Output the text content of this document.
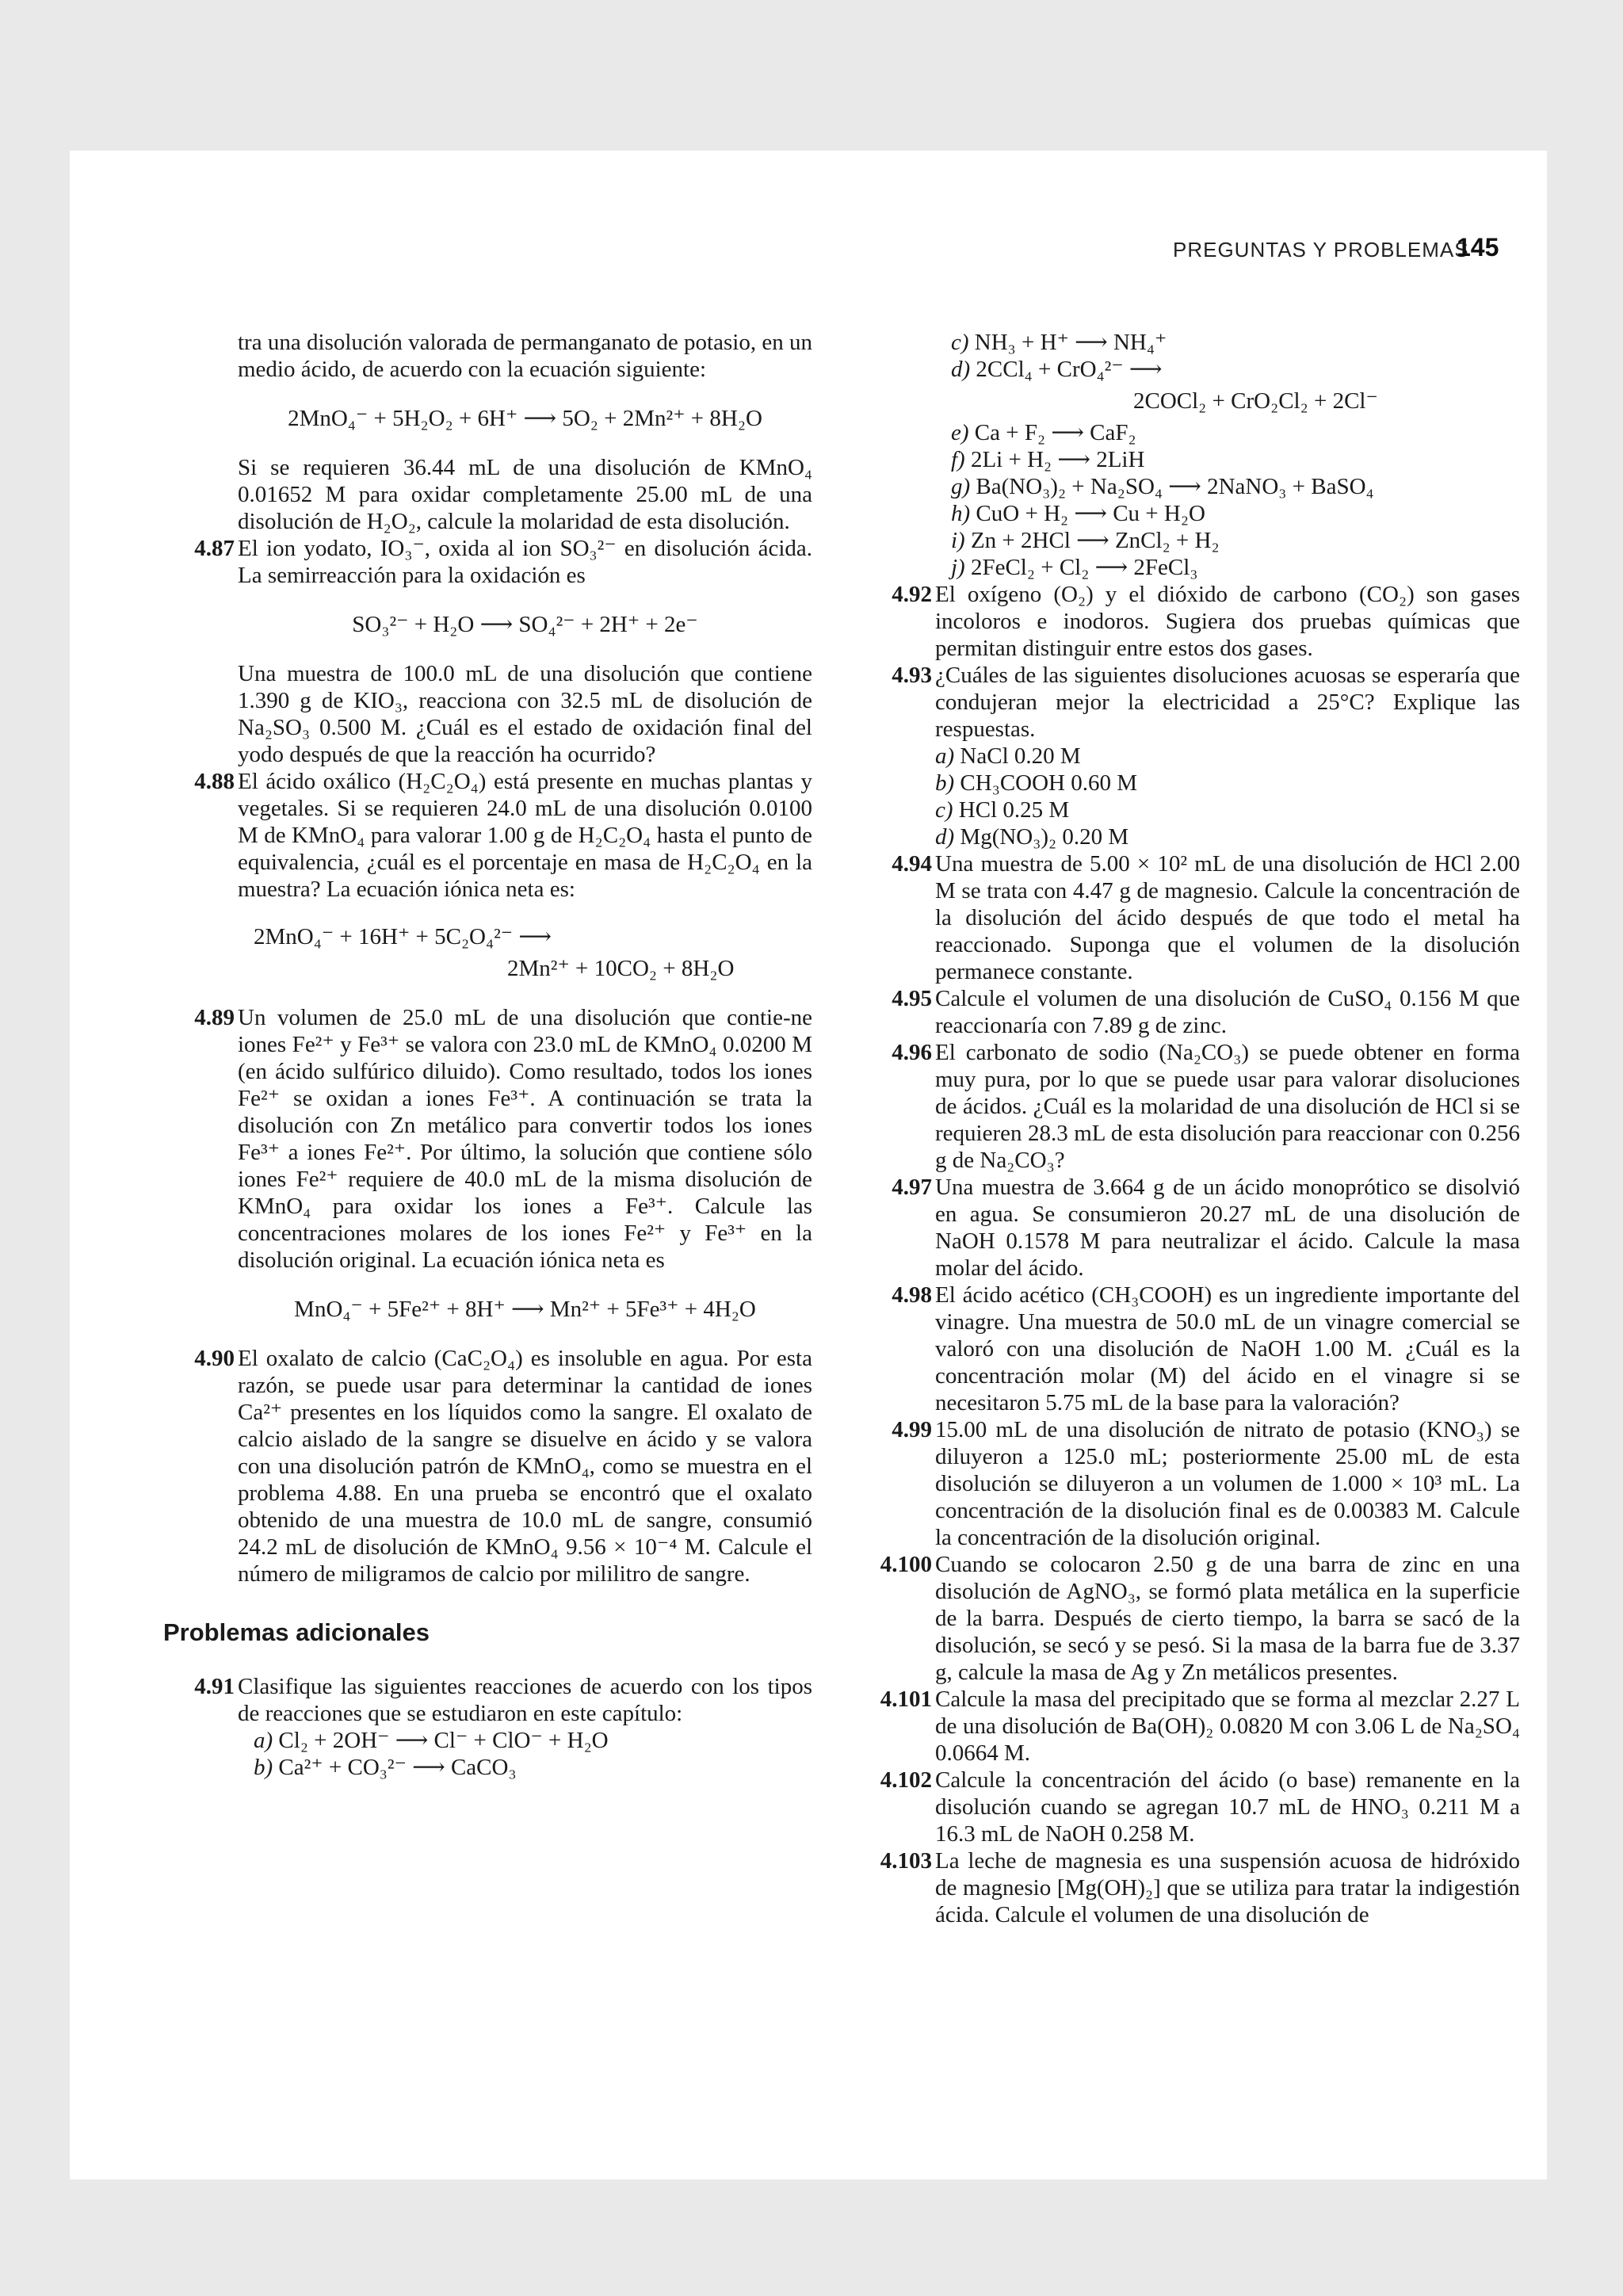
PREGUNTAS Y PROBLEMAS
145

tra una disolución valorada de permanganato de potasio, en un medio ácido, de acuerdo con la ecuación siguiente:

2MnO₄⁻ + 5H₂O₂ + 6H⁺ ⟶ 5O₂ + 2Mn²⁺ + 8H₂O

Si se requieren 36.44 mL de una disolución de KMnO₄ 0.01652 M para oxidar completamente 25.00 mL de una disolución de H₂O₂, calcule la molaridad de esta disolución.

4.87 El ion yodato, IO₃⁻, oxida al ion SO₃²⁻ en disolución ácida. La semirreacción para la oxidación es

SO₃²⁻ + H₂O ⟶ SO₄²⁻ + 2H⁺ + 2e⁻

Una muestra de 100.0 mL de una disolución que contiene 1.390 g de KIO₃, reacciona con 32.5 mL de disolución de Na₂SO₃ 0.500 M. ¿Cuál es el estado de oxidación final del yodo después de que la reacción ha ocurrido?

4.88 El ácido oxálico (H₂C₂O₄) está presente en muchas plantas y vegetales. Si se requieren 24.0 mL de una disolución 0.0100 M de KMnO₄ para valorar 1.00 g de H₂C₂O₄ hasta el punto de equivalencia, ¿cuál es el porcentaje en masa de H₂C₂O₄ en la muestra? La ecuación iónica neta es:

2MnO₄⁻ + 16H⁺ + 5C₂O₄²⁻ ⟶

2Mn²⁺ + 10CO₂ + 8H₂O

4.89 Un volumen de 25.0 mL de una disolución que contie-ne iones Fe²⁺ y Fe³⁺ se valora con 23.0 mL de KMnO₄ 0.0200 M (en ácido sulfúrico diluido). Como resultado, todos los iones Fe²⁺ se oxidan a iones Fe³⁺. A continuación se trata la disolución con Zn metálico para convertir todos los iones Fe³⁺ a iones Fe²⁺. Por último, la solución que contiene sólo iones Fe²⁺ requiere de 40.0 mL de la misma disolución de KMnO₄ para oxidar los iones a Fe³⁺. Calcule las concentraciones molares de los iones Fe²⁺ y Fe³⁺ en la disolución original. La ecuación iónica neta es

MnO₄⁻ + 5Fe²⁺ + 8H⁺ ⟶ Mn²⁺ + 5Fe³⁺ + 4H₂O

4.90 El oxalato de calcio (CaC₂O₄) es insoluble en agua. Por esta razón, se puede usar para determinar la cantidad de iones Ca²⁺ presentes en los líquidos como la sangre. El oxalato de calcio aislado de la sangre se disuelve en ácido y se valora con una disolución patrón de KMnO₄, como se muestra en el problema 4.88. En una prueba se encontró que el oxalato obtenido de una muestra de 10.0 mL de sangre, consumió 24.2 mL de disolución de KMnO₄ 9.56 × 10⁻⁴ M. Calcule el número de miligramos de calcio por mililitro de sangre.

Problemas adicionales
4.91 Clasifique las siguientes reacciones de acuerdo con los tipos de reacciones que se estudiaron en este capítulo:

a) Cl₂ + 2OH⁻ ⟶ Cl⁻ + ClO⁻ + H₂O
b) Ca²⁺ + CO₃²⁻ ⟶ CaCO₃
c) NH₃ + H⁺ ⟶ NH₄⁺
d) 2CCl₄ + CrO₄²⁻ ⟶
2COCl₂ + CrO₂Cl₂ + 2Cl⁻
e) Ca + F₂ ⟶ CaF₂
f) 2Li + H₂ ⟶ 2LiH
g) Ba(NO₃)₂ + Na₂SO₄ ⟶ 2NaNO₃ + BaSO₄
h) CuO + H₂ ⟶ Cu + H₂O
i) Zn + 2HCl ⟶ ZnCl₂ + H₂
j) 2FeCl₂ + Cl₂ ⟶ 2FeCl₃
4.92 El oxígeno (O₂) y el dióxido de carbono (CO₂) son gases incoloros e inodoros. Sugiera dos pruebas químicas que permitan distinguir entre estos dos gases.

4.93 ¿Cuáles de las siguientes disoluciones acuosas se esperaría que condujeran mejor la electricidad a 25°C? Explique las respuestas.

a) NaCl 0.20 M
b) CH₃COOH 0.60 M
c) HCl 0.25 M
d) Mg(NO₃)₂ 0.20 M
4.94 Una muestra de 5.00 × 10² mL de una disolución de HCl 2.00 M se trata con 4.47 g de magnesio. Calcule la concentración de la disolución del ácido después de que todo el metal ha reaccionado. Suponga que el volumen de la disolución permanece constante.

4.95 Calcule el volumen de una disolución de CuSO₄ 0.156 M que reaccionaría con 7.89 g de zinc.

4.96 El carbonato de sodio (Na₂CO₃) se puede obtener en forma muy pura, por lo que se puede usar para valorar disoluciones de ácidos. ¿Cuál es la molaridad de una disolución de HCl si se requieren 28.3 mL de esta disolución para reaccionar con 0.256 g de Na₂CO₃?

4.97 Una muestra de 3.664 g de un ácido monoprótico se disolvió en agua. Se consumieron 20.27 mL de una disolución de NaOH 0.1578 M para neutralizar el ácido. Calcule la masa molar del ácido.

4.98 El ácido acético (CH₃COOH) es un ingrediente importante del vinagre. Una muestra de 50.0 mL de un vinagre comercial se valoró con una disolución de NaOH 1.00 M. ¿Cuál es la concentración molar (M) del ácido en el vinagre si se necesitaron 5.75 mL de la base para la valoración?

4.99 15.00 mL de una disolución de nitrato de potasio (KNO₃) se diluyeron a 125.0 mL; posteriormente 25.00 mL de esta disolución se diluyeron a un volumen de 1.000 × 10³ mL. La concentración de la disolución final es de 0.00383 M. Calcule la concentración de la disolución original.

4.100 Cuando se colocaron 2.50 g de una barra de zinc en una disolución de AgNO₃, se formó plata metálica en la superficie de la barra. Después de cierto tiempo, la barra se sacó de la disolución, se secó y se pesó. Si la masa de la barra fue de 3.37 g, calcule la masa de Ag y Zn metálicos presentes.

4.101 Calcule la masa del precipitado que se forma al mezclar 2.27 L de una disolución de Ba(OH)₂ 0.0820 M con 3.06 L de Na₂SO₄ 0.0664 M.

4.102 Calcule la concentración del ácido (o base) remanente en la disolución cuando se agregan 10.7 mL de HNO₃ 0.211 M a 16.3 mL de NaOH 0.258 M.

4.103 La leche de magnesia es una suspensión acuosa de hidróxido de magnesio [Mg(OH)₂] que se utiliza para tratar la indigestión ácida. Calcule el volumen de una disolución de
